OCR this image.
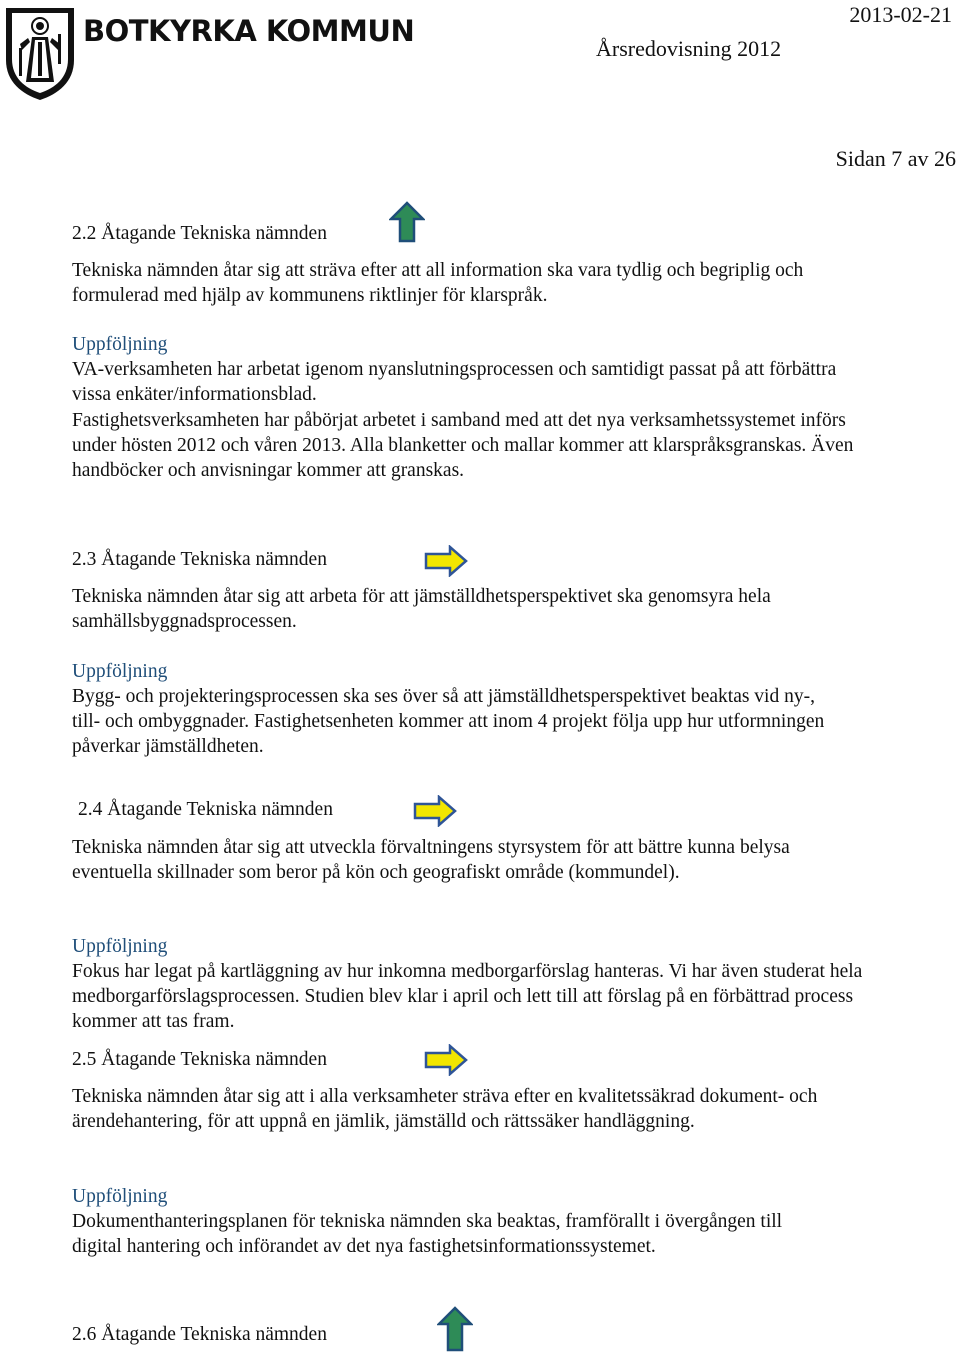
BOTKYRKA KOMMUN
Årsredovisning 2012
2013-02-21
Sidan 7 av 26
2.2 Åtagande Tekniska nämnden

Tekniska nämnden åtar sig att sträva efter att all information ska vara tydlig och begriplig och formulerad med hjälp av kommunens riktlinjer för klarspråk.

Uppföljning

VA-verksamheten har arbetat igenom nyanslutningsprocessen och samtidigt passat på att förbättra vissa enkäter/informationsblad.

Fastighetsverksamheten har påbörjat arbetet i samband med att det nya verksamhetssystemet införs under hösten 2012 och våren 2013. Alla blanketter och mallar kommer att klarspråksgranskas. Även handböcker och anvisningar kommer att granskas.

2.3 Åtagande Tekniska nämnden

Tekniska nämnden åtar sig att arbeta för att jämställdhetsperspektivet ska genomsyra hela samhällsbyggnadsprocessen.

Uppföljning

Bygg- och projekteringsprocessen ska ses över så att jämställdhetsperspektivet beaktas vid ny-, till- och ombyggnader. Fastighetsenheten kommer att inom 4 projekt följa upp hur utformningen påverkar jämställdheten.

2.4 Åtagande Tekniska nämnden

Tekniska nämnden åtar sig att utveckla förvaltningens styrsystem för att bättre kunna belysa eventuella skillnader som beror på kön och geografiskt område (kommundel).

Uppföljning

Fokus har legat på kartläggning av hur inkomna medborgarförslag hanteras. Vi har även studerat hela medborgarförslagsprocessen. Studien blev klar i april och lett till att förslag på en förbättrad process kommer att tas fram.

2.5 Åtagande Tekniska nämnden

Tekniska nämnden åtar sig att i alla verksamheter sträva efter en kvalitetssäkrad dokument- och ärendehantering, för att uppnå en jämlik, jämställd och rättssäker handläggning.

Uppföljning

Dokumenthanteringsplanen för tekniska nämnden ska beaktas, framförallt i övergången till digital hantering och införandet av det nya fastighetsinformationssystemet.

2.6 Åtagande Tekniska nämnden
